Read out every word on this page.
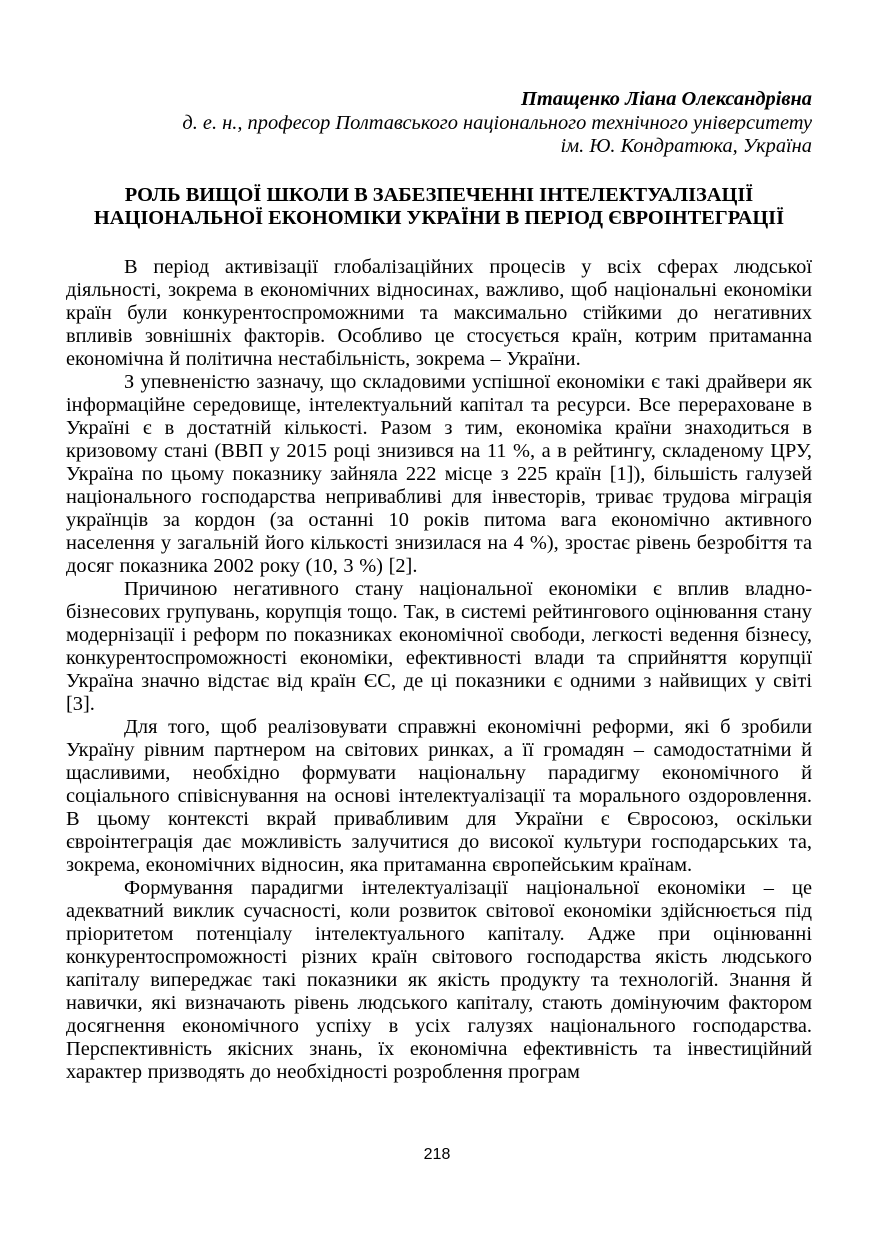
Птащенко Ліана Олександрівна
д. е. н., професор Полтавського національного технічного університету
ім. Ю. Кондратюка, Україна
РОЛЬ ВИЩОЇ ШКОЛИ В ЗАБЕЗПЕЧЕННІ ІНТЕЛЕКТУАЛІЗАЦІЇ НАЦІОНАЛЬНОЇ ЕКОНОМІКИ УКРАЇНИ В ПЕРІОД ЄВРОІНТЕГРАЦІЇ

В період активізації глобалізаційних процесів у всіх сферах людської діяльності, зокрема в економічних відносинах, важливо, щоб національні економіки країн були конкурентоспроможними та максимально стійкими до негативних впливів зовнішніх факторів. Особливо це стосується країн, котрим притаманна економічна й політична нестабільність, зокрема – України.

З упевненістю зазначу, що складовими успішної економіки є такі драйвери як інформаційне середовище, інтелектуальний капітал та ресурси. Все перераховане в Україні є в достатній кількості. Разом з тим, економіка країни знаходиться в кризовому стані (ВВП у 2015 році знизився на 11 %, а в рейтингу, складеному ЦРУ, Україна по цьому показнику зайняла 222 місце з 225 країн [1]), більшість галузей національного господарства непривабливі для інвесторів, триває трудова міграція українців за кордон (за останні 10 років питома вага економічно активного населення у загальній його кількості знизилася на 4 %), зростає рівень безробіття та досяг показника 2002 року (10, 3 %) [2].

Причиною негативного стану національної економіки є вплив владно-бізнесових групувань, корупція тощо. Так, в системі рейтингового оцінювання стану модернізації і реформ по показниках економічної свободи, легкості ведення бізнесу, конкурентоспроможності економіки, ефективності влади та сприйняття корупції Україна значно відстає від країн ЄС, де ці показники є одними з найвищих у світі [3].

Для того, щоб реалізовувати справжні економічні реформи, які б зробили Україну рівним партнером на світових ринках, а її громадян – самодостатніми й щасливими, необхідно формувати національну парадигму економічного й соціального співіснування на основі інтелектуалізації та морального оздоровлення. В цьому контексті вкрай привабливим для України є Євросоюз, оскільки євроінтеграція дає можливість залучитися до високої культури господарських та, зокрема, економічних відносин, яка притаманна європейським країнам.

Формування парадигми інтелектуалізації національної економіки – це адекватний виклик сучасності, коли розвиток світової економіки здійснюється під пріоритетом потенціалу інтелектуального капіталу. Адже при оцінюванні конкурентоспроможності різних країн світового господарства якість людського капіталу випереджає такі показники як якість продукту та технологій. Знання й навички, які визначають рівень людського капіталу, стають домінуючим фактором досягнення економічного успіху в усіх галузях національного господарства. Перспективність якісних знань, їх економічна ефективність та інвестиційний характер призводять до необхідності розроблення програм

218
